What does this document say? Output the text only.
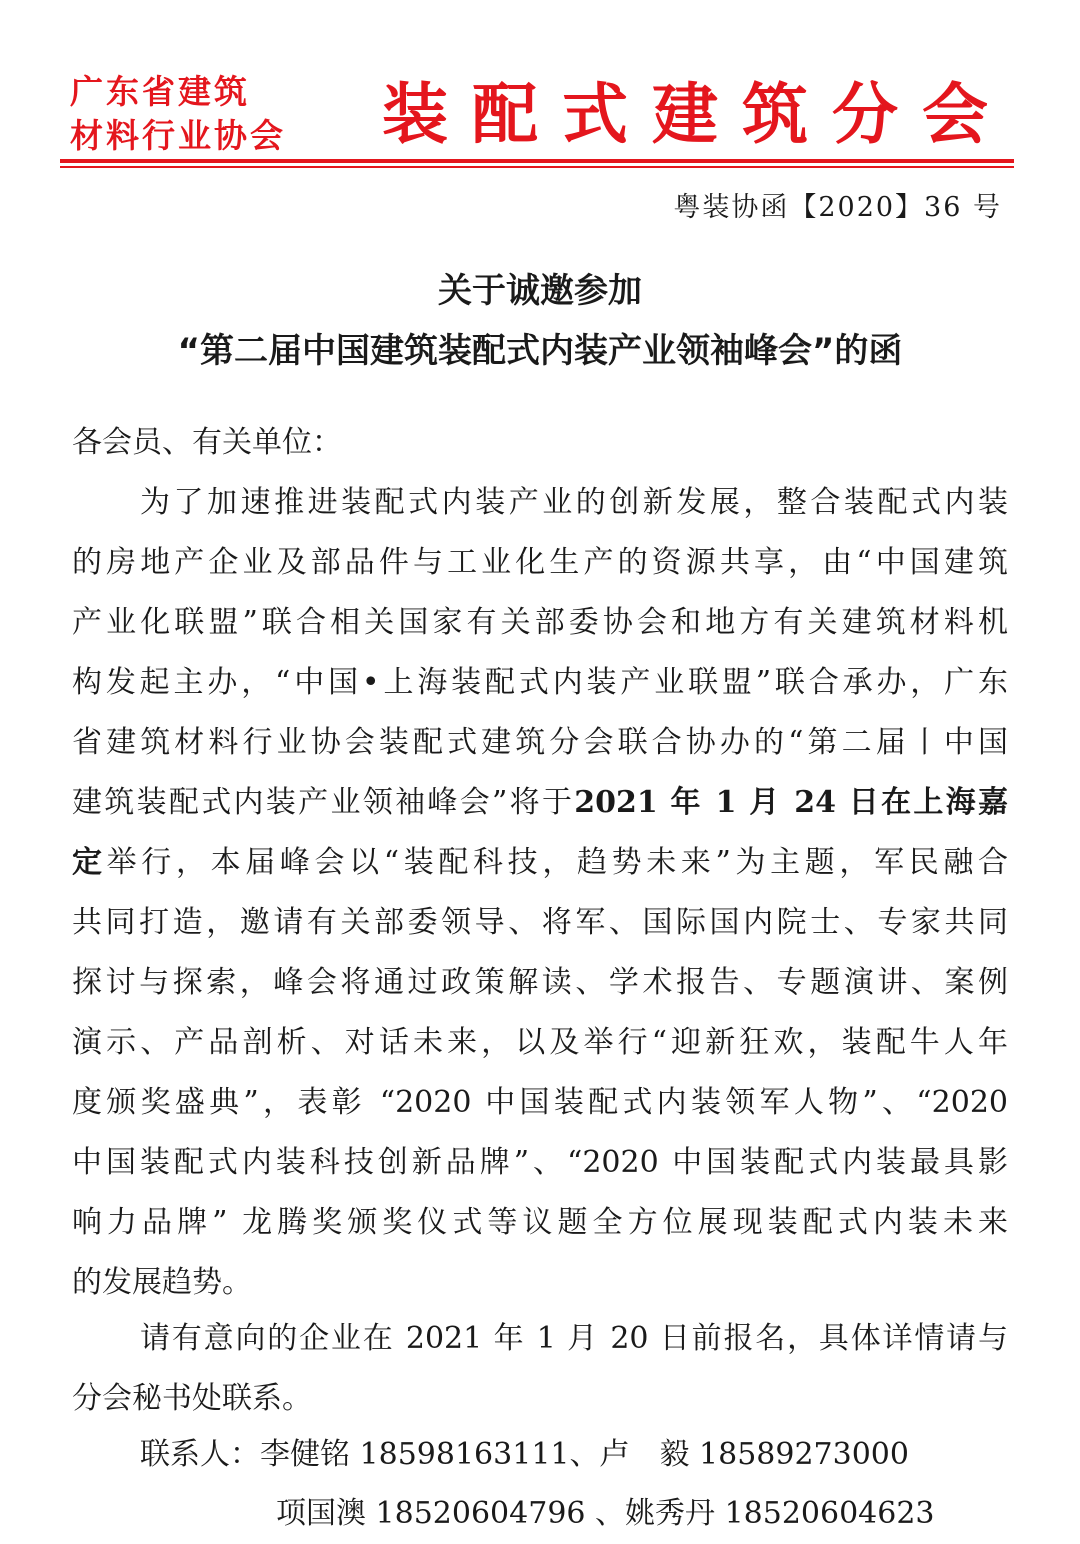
广东省建筑
材料行业协会	装配式建筑分会
粤装协函【2020】36 号
关于诚邀参加
“第二届中国建筑装配式内装产业领袖峰会”的函
各会员、有关单位：
为了加速推进装配式内装产业的创新发展，整合装配式内装
的房地产企业及部品件与工业化生产的资源共享，由“中国建筑
产业化联盟”联合相关国家有关部委协会和地方有关建筑材料机
构发起主办，“中国•上海装配式内装产业联盟”联合承办，广东
省建筑材料行业协会装配式建筑分会联合协办的“第二届丨中国
建筑装配式内装产业领袖峰会”将于2021 年 1 月 24 日在上海嘉
定举行，本届峰会以“装配科技，趋势未来”为主题，军民融合
共同打造，邀请有关部委领导、将军、国际国内院士、专家共同
探讨与探索，峰会将通过政策解读、学术报告、专题演讲、案例
演示、产品剖析、对话未来，以及举行“迎新狂欢，装配牛人年
度颁奖盛典”，表彰 “2020 中国装配式内装领军人物”、“2020
中国装配式内装科技创新品牌”、“2020 中国装配式内装最具影
响力品牌” 龙腾奖颁奖仪式等议题全方位展现装配式内装未来
的发展趋势。
请有意向的企业在 2021 年 1 月 20 日前报名，具体详情请与
分会秘书处联系。
联系人：李健铭 18598163111、卢　毅 18589273000
项国澳 18520604796 、姚秀丹 18520604623
